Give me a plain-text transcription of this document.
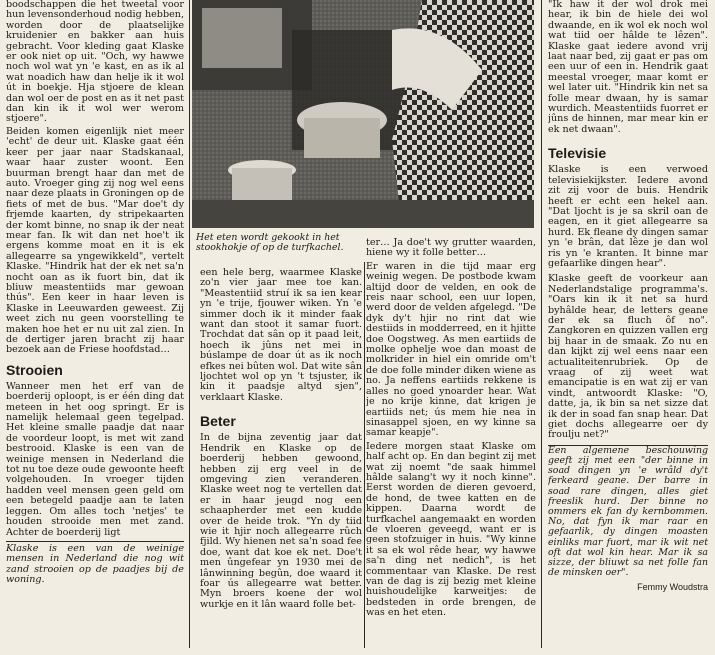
boodschappen die het tweetal voor hun levensonderhoud nodig hebben, worden door de plaatselijke kruidenier en bakker aan huis gebracht. Voor kleding gaat Klaske er ook niet op uit. "Och, wy hawwe noch wol wat yn 'e kast, en as ik al wat noadich haw dan helje ik it wol út in boekje. Hja stjoere de klean dan wol oer de post en as it net past dan kin ik it wol wer werom stjoere".

Beiden komen eigenlijk niet meer 'echt' de deur uit. Klaske gaat één keer per jaar naar Stadskanaal, waar haar zuster woont. Een buurman brengt haar dan met de auto. Vroeger ging zij nog wel eens naar deze plaats in Groningen op de fiets of met de bus. "Mar doe't dy frjemde kaarten, dy stripekaarten der komt binne, no snap ik der neat mear fan. Ik wit dan net hoe't ik ergens komme moat en it is ek allegearre sa yngewikkeld", vertelt Klaske. "Hindrik hat der ek net sa'n nocht oan as ik fuort bin, dat ik bliuw meastentiids mar gewoan thús". Een keer in haar leven is Klaske in Leeuwarden geweest. Zij weet zich nu geen voorstelling te maken hoe het er nu uit zal zien. In de dertiger jaren bracht zij haar bezoek aan de Friese hoofdstad…

Strooien

Wanneer men het erf van de boerderij oploopt, is er één ding dat meteen in het oog springt. Er is namelijk helemaal geen tegelpad. Het kleine smalle paadje dat naar de voordeur loopt, is met wit zand bestrooid. Klaske is een van de weinige mensen in Nederland die tot nu toe deze oude gewoonte heeft volgehouden. In vroeger tijden hadden veel mensen geen geld om een betegeld paadje aan te laten leggen. Om alles toch 'netjes' te houden strooide men met zand. Achter de boerderij ligt

Klaske is een van de weinige mensen in Nederland die nog wit zand strooien op de paadjes bij de woning.

Het eten wordt gekookt in het stookhokje of op de turfkachel.

een hele berg, waarmee Klaske zo'n vier jaar mee toe kan. "Meastentiid struí ik sa ien kear yn 'e trije, fjouwer wiken. Yn 'e simmer doch ik it minder faak want dan stoot it samar fuort. Trochdat dat sân op it paad leit, hoech ik jûns net mei in búslampe de doar út as ik noch efkes nei bûten wol. Dat wite sân ljochtet wol op yn 't tsjuster, ik kin it paadsje altyd sjen", verklaart Klaske.

Beter

In de bijna zeventig jaar dat Hendrik en Klaske op de boerderij hebben gewoond, hebben zij erg veel in de omgeving zien veranderen. Klaske weet nog te vertellen dat er in haar jeugd nog een schaapherder met een kudde over de heide trok. "Yn dy tiid wie it hjir noch allegearre rûch fjild. Wy hienen net sa'n soad fee doe, want dat koe ek net. Doe't men ûngefear yn 1930 mei de lânwinning begûn, doe waard it foar ús allegearre wat better. Myn broers koene der wol wurkje en it lân waard folle bet-

ter… Ja doe't wy grutter waarden, hiene wy it folle better…

Er waren in die tijd maar erg weinig wegen. De postbode kwam altijd door de velden, en ook de reis naar school, een uur lopen, werd door de velden afgelegd. "De dyk dy't hjir no rint dat wie destiids in modderreed, en it hjitte doe Oogstweg. As men eartiids de molke ophelje woe dan moast de molkrider in hiel ein omride om't de doe folle minder diken wiene as no. Ja neffens eartiids rekkene is alles no goed ynoarder hear. Wat je no krije kinne, dat krigen je eartiids net; ús mem hie nea in sinasappel sjoen, en wy kinne sa samar keapje".

Iedere morgen staat Klaske om half acht op. En dan begint zij met wat zij noemt "de saak himmel hâlde salang't wy it noch kinne". Eerst worden de dieren gevoerd, de hond, de twee katten en de kippen. Daarna wordt de turfkachel aangemaakt en worden de vloeren geveegd, want er is geen stofzuiger in huis. "Wy kinne it sa ek wol rêde hear, wy hawwe sa'n ding net nedich", is het commentaar van Klaske. De rest van de dag is zij bezig met kleine huishoudelijke karweitjes: de bedsteden in orde brengen, de was en het eten.

"Ik haw it der wol drok mei hear, ik bin de hiele dei wol dwaande, en ik wol ek noch wol wat tiid oer hâlde te lêzen". Klaske gaat iedere avond vrij laat naar bed, zij gaat er pas om een uur of een in. Hendrik gaat meestal vroeger, maar komt er wel later uit. "Hindrik kin net sa folle mear dwaan, hy is samar wurdich. Meastentiids fuorret er jûns de hinnen, mar mear kin er ek net dwaan".

Televisie

Klaske is een verwoed televisiekijkster. Iedere avond zit zij voor de buis. Hendrik heeft er echt een hekel aan. "Dat ljocht is je sa skril oan de eagen, en it giet allegearre sa hurd. Ek fleane dy dingen samar yn 'e brân, dat lêze je dan wol ris yn 'e kranten. It binne mar gefaarlike dingen hear".

Klaske geeft de voorkeur aan Nederlandstalige programma's. "Oars kin ik it net sa hurd byhâlde hear, de letters geane der ek sa fluch ôf no". Zangkoren en quizzen vallen erg bij haar in de smaak. Zo nu en dan kijkt zij wel eens naar een actualiteitenrubriek. Op de vraag of zij weet wat emancipatie is en wat zij er van vindt, antwoordt Klaske: "O, datte, ja, ik bin sa net sizze dat ik der in soad fan snap hear. Dat giet dochs allegearre oer dy froulju net?"

Een algemene beschouwing geeft zij met een "der binne in soad dingen yn 'e wrâld dy't ferkeard geane. Der barre in soad rare dingen, alles giet freeslik hurd. Der binne no ommers ek fan dy kernbommen. No, dat fyn ik mar raar en gefaarlik, dy dingen moasten einliks mar fuort, mar ik wit net oft dat wol kin hear. Mar ik sa sizze, der bliuwt sa net folle fan de minsken oer".

Femmy Woudstra
